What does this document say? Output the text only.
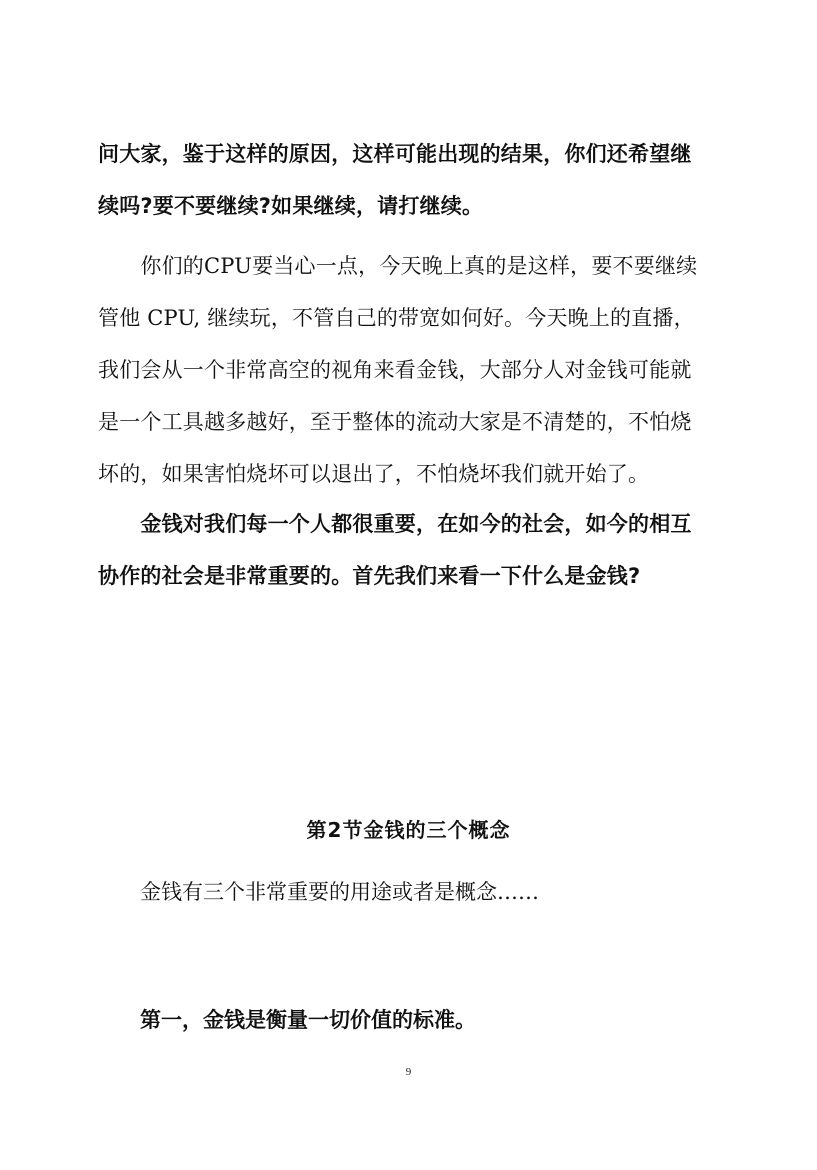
问大家，鉴于这样的原因，这样可能出现的结果，你们还希望继
续吗?要不要继续?如果继续，请打继续。
　　你们的CPU要当心一点，今天晚上真的是这样，要不要继续
管他 CPU, 继续玩，不管自己的带宽如何好。今天晚上的直播，
我们会从一个非常高空的视角来看金钱，大部分人对金钱可能就
是一个工具越多越好，至于整体的流动大家是不清楚的，不怕烧
坏的，如果害怕烧坏可以退出了，不怕烧坏我们就开始了。
　　金钱对我们每一个人都很重要，在如今的社会，如今的相互
协作的社会是非常重要的。首先我们来看一下什么是金钱?
第2节金钱的三个概念

金钱有三个非常重要的用途或者是概念……

第一，金钱是衡量一切价值的标准。

9
